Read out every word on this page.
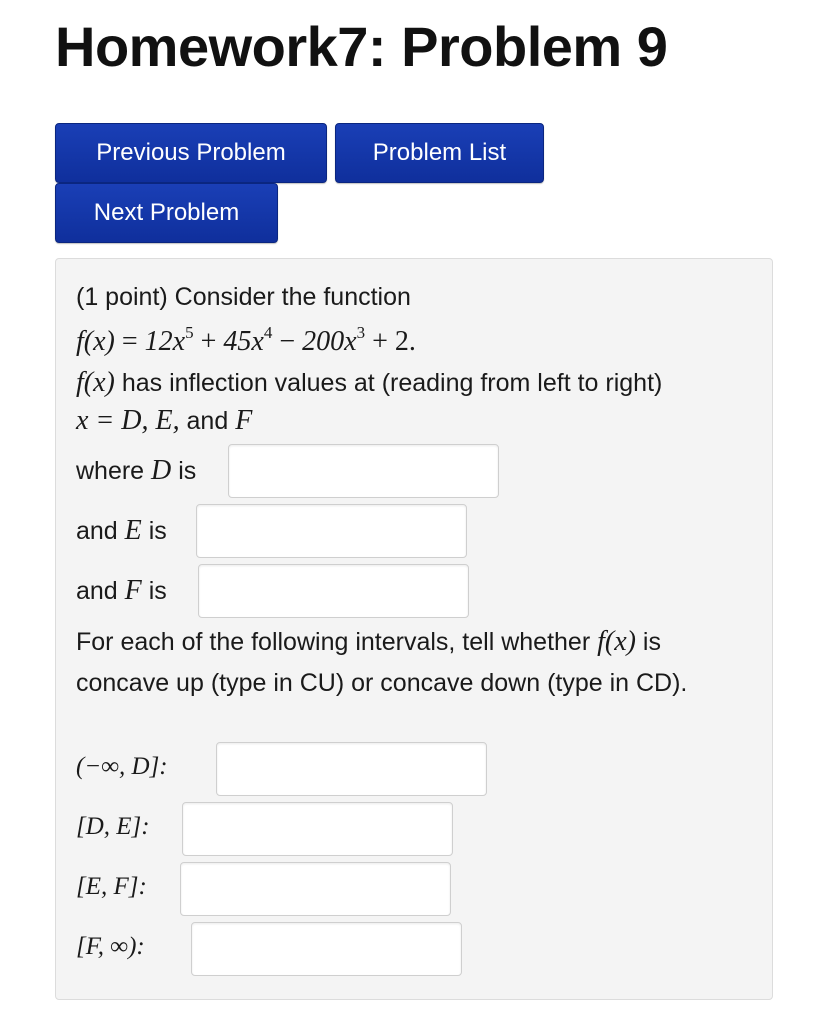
Homework7: Problem 9
Previous Problem	Problem List
Next Problem
(1 point) Consider the function
$f(x) = 12x^5 + 45x^4 - 200x^3 + 2$.
f(x) has inflection values at (reading from left to right)
x = D, E, and F
where D is
and E is
and F is
For each of the following intervals, tell whether f(x) is concave up (type in CU) or concave down (type in CD).
(−∞, D]:
[D, E]:
[E, F]:
[F, ∞):
